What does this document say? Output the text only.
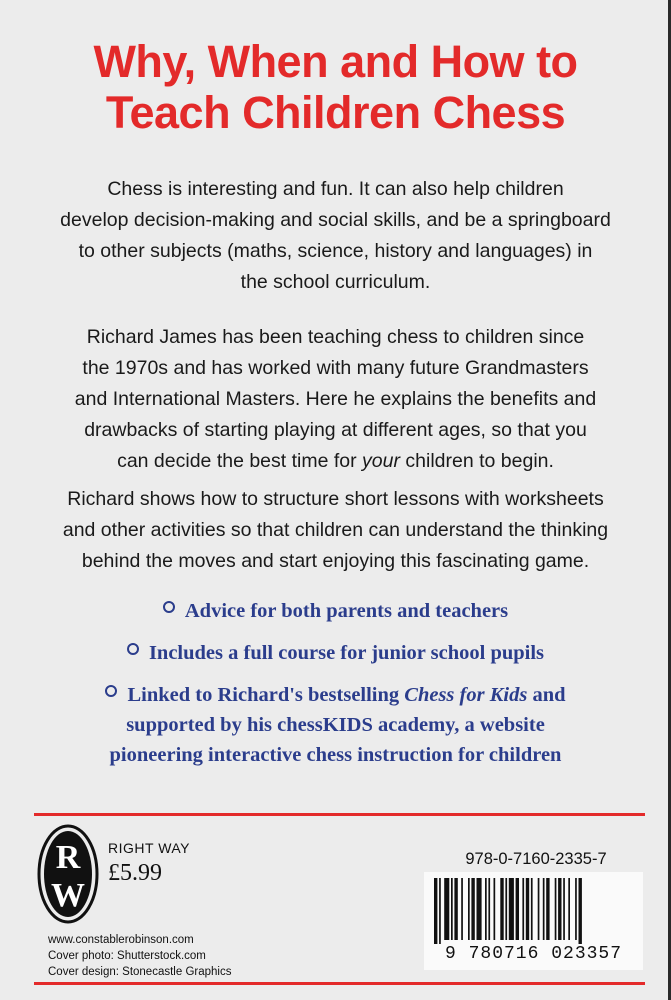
Why, When and How to
Teach Children Chess
Chess is interesting and fun. It can also help children
develop decision-making and social skills, and be a springboard
to other subjects (maths, science, history and languages) in
the school curriculum.
Richard James has been teaching chess to children since
the 1970s and has worked with many future Grandmasters
and International Masters. Here he explains the benefits and
drawbacks of starting playing at different ages, so that you
can decide the best time for your children to begin.
Richard shows how to structure short lessons with worksheets
and other activities so that children can understand the thinking
behind the moves and start enjoying this fascinating game.
Advice for both parents and teachers
Includes a full course for junior school pupils
Linked to Richard's bestselling Chess for Kids and
supported by his chessKIDS academy, a website
pioneering interactive chess instruction for children
R
W
RIGHT WAY
£5.99
www.constablerobinson.com
Cover photo: Shutterstock.com
Cover design: Stonecastle Graphics
978-0-7160-2335-7
9 780716 023357
